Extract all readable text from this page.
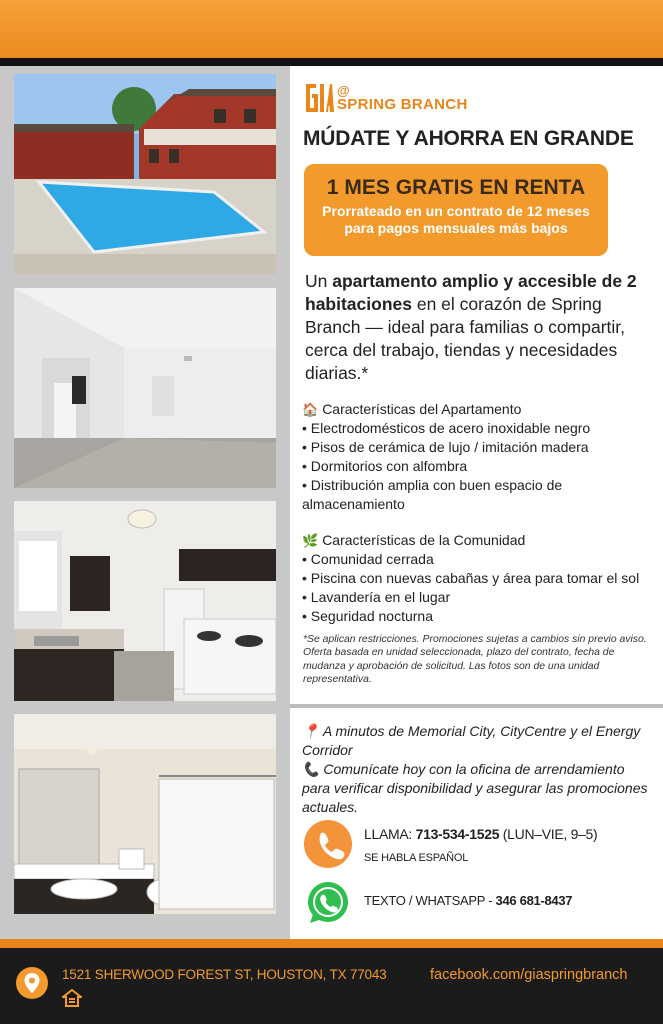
@
SPRING BRANCH
MÚDATE Y AHORRA EN GRANDE
1 MES GRATIS EN RENTA
Prorrateado en un contrato de 12 meses
para pagos mensuales más bajos
Un apartamento amplio y accesible de 2 habitaciones en el corazón de Spring Branch — ideal para familias o compartir, cerca del trabajo, tiendas y necesidades diarias.*
🏠 Características del Apartamento
• Electrodomésticos de acero inoxidable negro
• Pisos de cerámica de lujo / imitación madera
• Dormitorios con alfombra
• Distribución amplia con buen espacio de almacenamiento
🌿 Características de la Comunidad
• Comunidad cerrada
• Piscina con nuevas cabañas y área para tomar el sol
• Lavandería en el lugar
• Seguridad nocturna
*Se aplican restricciones. Promociones sujetas a cambios sin previo aviso. Oferta basada en unidad seleccionada, plazo del contrato, fecha de mudanza y aprobación de solicitud. Las fotos son de una unidad representativa.
📍 A minutos de Memorial City, CityCentre y el Energy Corridor
📞 Comunícate hoy con la oficina de arrendamiento para verificar disponibilidad y asegurar las promociones actuales.
LLAMA: 713-534-1525 (LUN–VIE, 9–5)
SE HABLA ESPAÑOL
TEXTO / WHATSAPP - 346 681-8437
1521 SHERWOOD FOREST ST, HOUSTON, TX 77043	facebook.com/giaspringbranch
